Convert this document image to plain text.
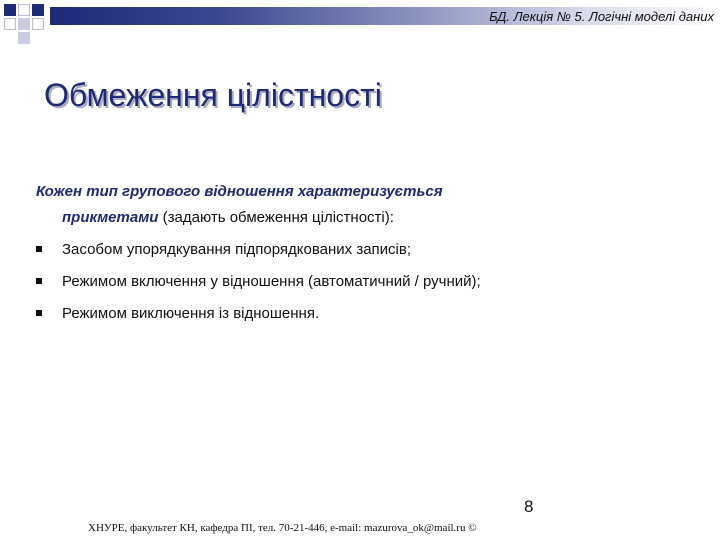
БД. Лекція № 5. Логічні моделі даних
Обмеження цілістності
Кожен тип групового відношення характеризується
прикметами (задають обмеження цілістності):
Засобом упорядкування підпорядкованих записів;
Режимом включення у відношення (автоматичний / ручний);
Режимом виключення із відношення.
8
ХНУРЕ, факультет КН, кафедра ПІ, тел. 70-21-446, e-mail: mazurova_ok@mail.ru ©
